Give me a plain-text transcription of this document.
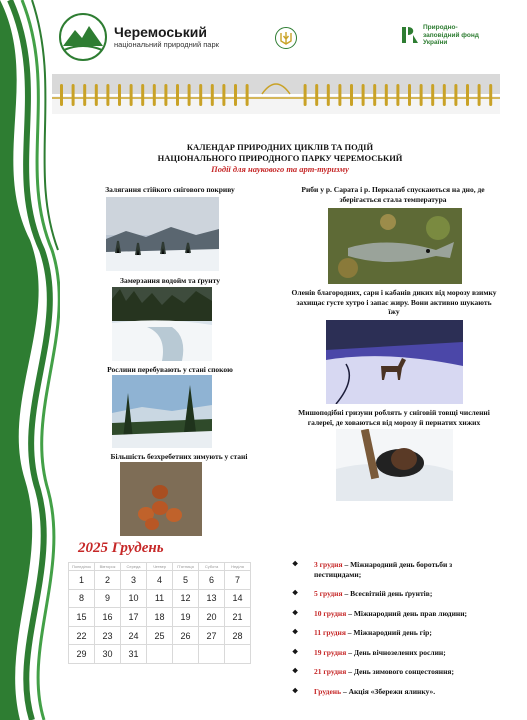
Черемоський
національний природний парк
Природно-заповідний фонд України
КАЛЕНДАР ПРИРОДНИХ ЦИКЛІВ ТА ПОДІЙ
НАЦІОНАЛЬНОГО ПРИРОДНОГО ПАРКУ ЧЕРЕМОСЬКИЙ
Події для наукового та арт-туризму
Залягання стійкого снігового покриву
Замерзання водойм та ґрунту
Рослини перебувають у стані спокою
Більшість безхребетних зимують у стані
Риби у р. Сарата і р. Перкалаб спускаються на дно, де зберігається стала температура
Оленів благородних, сарн і кабанів диких від морозу взимку захищає густе хутро і запас жиру. Вони активно шукають їжу
Мишоподібні гризуни роблять у сніговій товщі численні галереї, де ховаються від морозу й пернатих хижих
2025 Грудень
Понеділок	Вівторок	Середа	Четвер	П'ятниця	Субота	Неділя
1	2	3	4	5	6	7
8	9	10	11	12	13	14
15	16	17	18	19	20	21
22	23	24	25	26	27	28
29	30	31				
❖ 3 грудня – Міжнародний день боротьби з пестицидами;
❖ 5 грудня – Всесвітній день ґрунтів;
❖ 10 грудня – Міжнародний день прав людини;
❖ 11 грудня – Міжнародний день гір;
❖ 19 грудня – День вічнозелених рослин;
❖ 21 грудня – День зимового сонцестояння;
❖ Грудень – Акція «Збережи ялинку».
